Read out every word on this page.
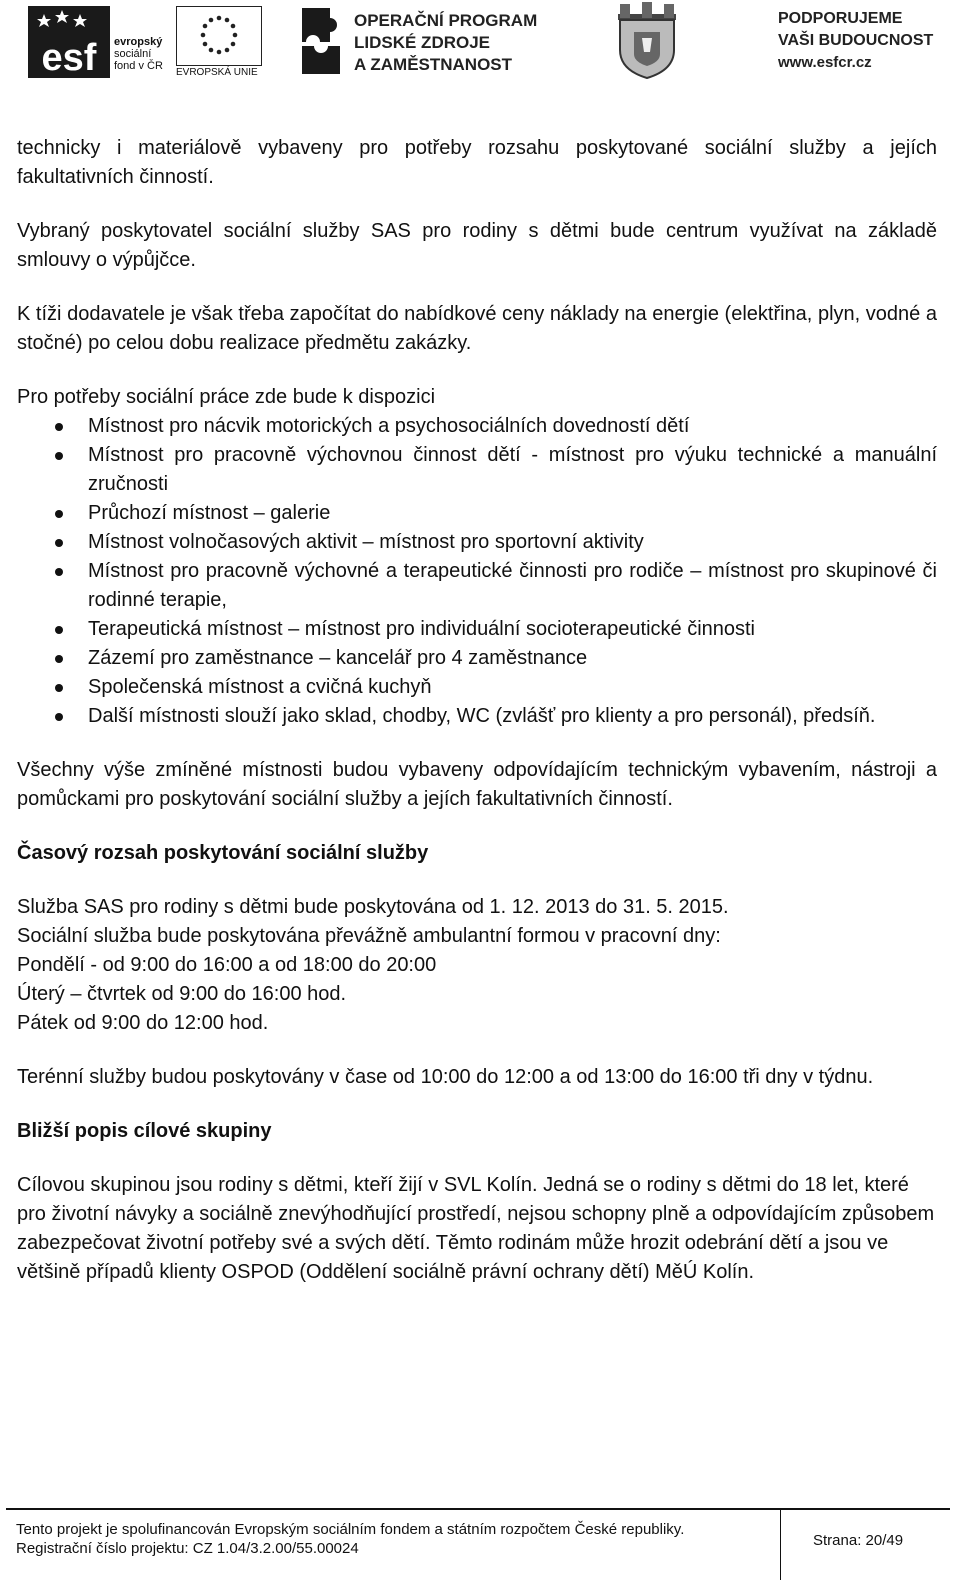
esf evropský
sociální
fond v ČR
EVROPSKÁ UNIE
OPERAČNÍ PROGRAM
LIDSKÉ ZDROJE
A ZAMĚSTNANOST
PODPORUJEME
VAŠI BUDOUCNOST
www.esfcr.cz

technicky i materiálově vybaveny pro potřeby rozsahu poskytované sociální služby a jejích fakultativních činností.

Vybraný poskytovatel sociální služby SAS pro rodiny s dětmi bude centrum využívat na základě smlouvy o výpůjčce.

K tíži dodavatele je však třeba započítat do nabídkové ceny náklady na energie (elektřina, plyn, vodné a stočné) po celou dobu realizace předmětu zakázky.

Pro potřeby sociální práce zde bude k dispozici

Místnost pro nácvik motorických a psychosociálních dovedností dětí
Místnost pro pracovně výchovnou činnost dětí - místnost pro výuku technické a manuální zručnosti
Průchozí místnost – galerie
Místnost volnočasových aktivit – místnost pro sportovní aktivity
Místnost pro pracovně výchovné a terapeutické činnosti pro rodiče – místnost pro skupinové či rodinné terapie,
Terapeutická místnost – místnost pro individuální socioterapeutické činnosti
Zázemí pro zaměstnance – kancelář pro 4 zaměstnance
Společenská místnost a cvičná kuchyň
Další místnosti slouží jako sklad, chodby, WC (zvlášť pro klienty a pro personál), předsíň.

Všechny výše zmíněné místnosti budou vybaveny odpovídajícím technickým vybavením, nástroji a pomůckami pro poskytování sociální služby a jejích fakultativních činností.

Časový rozsah poskytování sociální služby

Služba SAS pro rodiny s dětmi bude poskytována od 1. 12. 2013 do 31. 5. 2015.

Sociální služba bude poskytována převážně ambulantní formou v pracovní dny:

Pondělí - od 9:00 do 16:00 a od 18:00 do 20:00

Úterý – čtvrtek od 9:00 do 16:00 hod.

Pátek od 9:00 do 12:00 hod.

Terénní služby budou poskytovány v čase od 10:00 do 12:00 a od 13:00 do 16:00 tři dny v týdnu.

Bližší popis cílové skupiny

Cílovou skupinou jsou rodiny s dětmi, kteří žijí v SVL Kolín. Jedná se o rodiny s dětmi do 18 let, které pro životní návyky a sociálně znevýhodňující prostředí, nejsou schopny plně a odpovídajícím způsobem zabezpečovat životní potřeby své a svých dětí. Těmto rodinám může hrozit odebrání dětí a jsou ve většině případů klienty OSPOD (Oddělení sociálně právní ochrany dětí) MěÚ Kolín.

Tento projekt je spolufinancován Evropským sociálním fondem a státním rozpočtem České republiky.
Registrační číslo projektu: CZ 1.04/3.2.00/55.00024	Strana: 20/49
